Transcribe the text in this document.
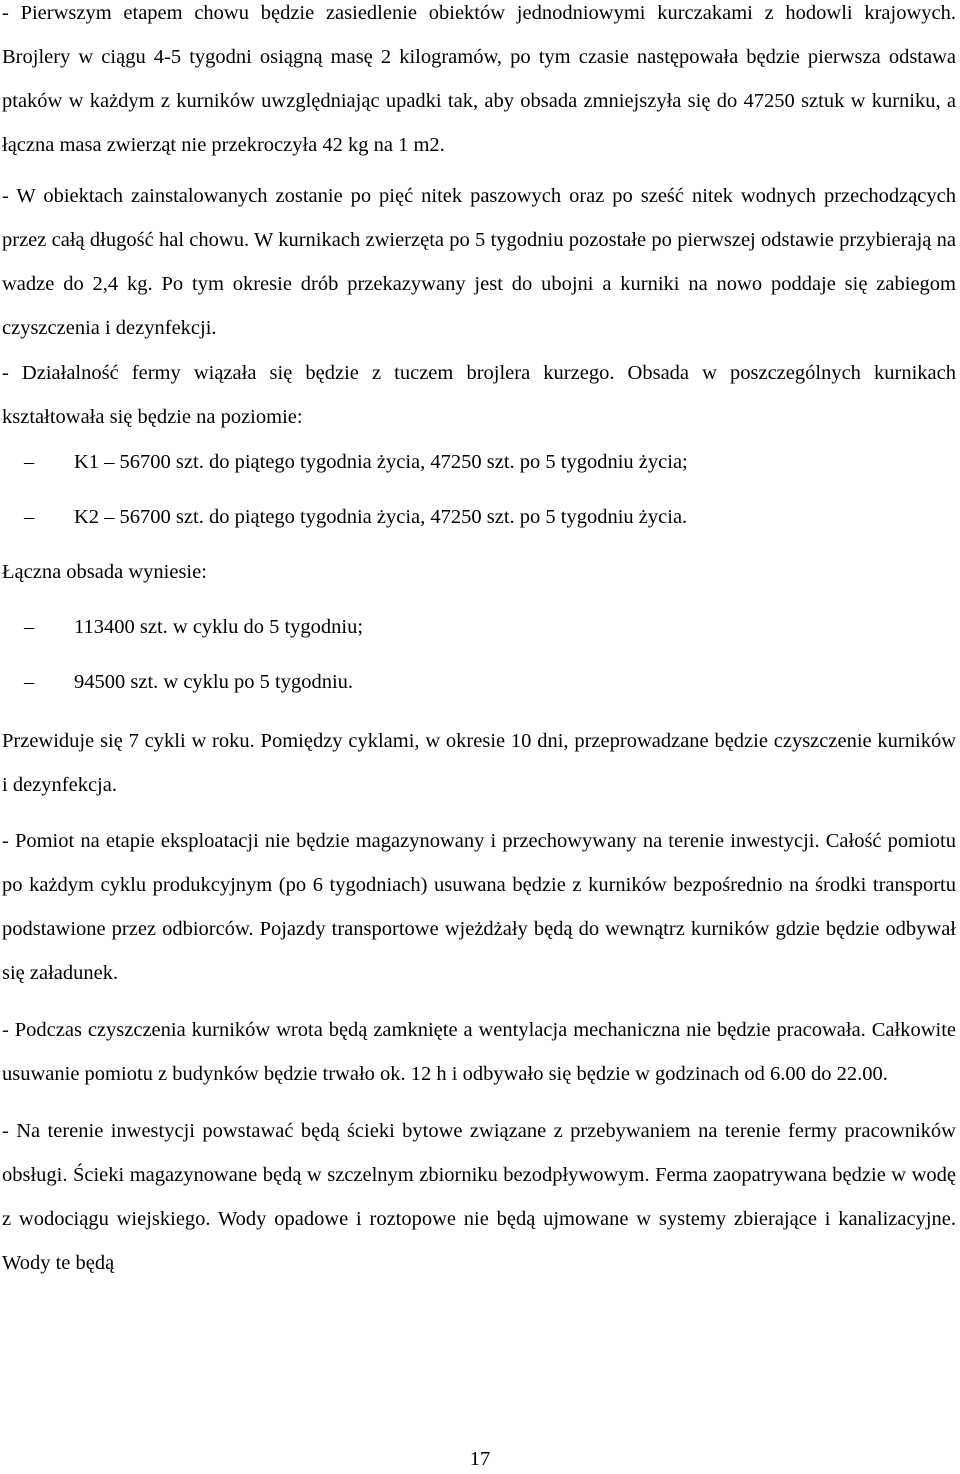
- Pierwszym etapem chowu będzie zasiedlenie obiektów jednodniowymi kurczakami z hodowli krajowych. Brojlery w ciągu 4-5 tygodni osiągną masę 2 kilogramów, po tym czasie następowała będzie pierwsza odstawa ptaków w każdym z kurników uwzględniając upadki tak, aby obsada zmniejszyła się do 47250 sztuk w kurniku, a łączna masa zwierząt nie przekroczyła 42 kg na 1 m2.

- W obiektach zainstalowanych zostanie po pięć nitek paszowych oraz po sześć nitek wodnych przechodzących przez całą długość hal chowu. W kurnikach zwierzęta po 5 tygodniu pozostałe po pierwszej odstawie przybierają na wadze do 2,4 kg. Po tym okresie drób przekazywany jest do ubojni a kurniki na nowo poddaje się zabiegom czyszczenia i dezynfekcji.

- Działalność fermy wiązała się będzie z tuczem brojlera kurzego. Obsada w poszczególnych kurnikach kształtowała się będzie na poziomie:

– K1 – 56700 szt. do piątego tygodnia życia, 47250 szt. po 5 tygodniu życia;
– K2 – 56700 szt. do piątego tygodnia życia, 47250 szt. po 5 tygodniu życia.

Łączna obsada wyniesie:

– 113400 szt. w cyklu do 5 tygodniu;
– 94500 szt. w cyklu po 5 tygodniu.

Przewiduje się 7 cykli w roku. Pomiędzy cyklami, w okresie 10 dni, przeprowadzane będzie czyszczenie kurników i dezynfekcja.

- Pomiot na etapie eksploatacji nie będzie magazynowany i przechowywany na terenie inwestycji. Całość pomiotu po każdym cyklu produkcyjnym (po 6 tygodniach) usuwana będzie z kurników bezpośrednio na środki transportu podstawione przez odbiorców. Pojazdy transportowe wjeżdżały będą do wewnątrz kurników gdzie będzie odbywał się załadunek.

- Podczas czyszczenia kurników wrota będą zamknięte a wentylacja mechaniczna nie będzie pracowała. Całkowite usuwanie pomiotu z budynków będzie trwało ok. 12 h i odbywało się będzie w godzinach od 6.00 do 22.00.

- Na terenie inwestycji powstawać będą ścieki bytowe związane z przebywaniem na terenie fermy pracowników obsługi. Ścieki magazynowane będą w szczelnym zbiorniku bezodpływowym. Ferma zaopatrywana będzie w wodę z wodociągu wiejskiego. Wody opadowe i roztopowe nie będą ujmowane w systemy zbierające i kanalizacyjne. Wody te będą

17
